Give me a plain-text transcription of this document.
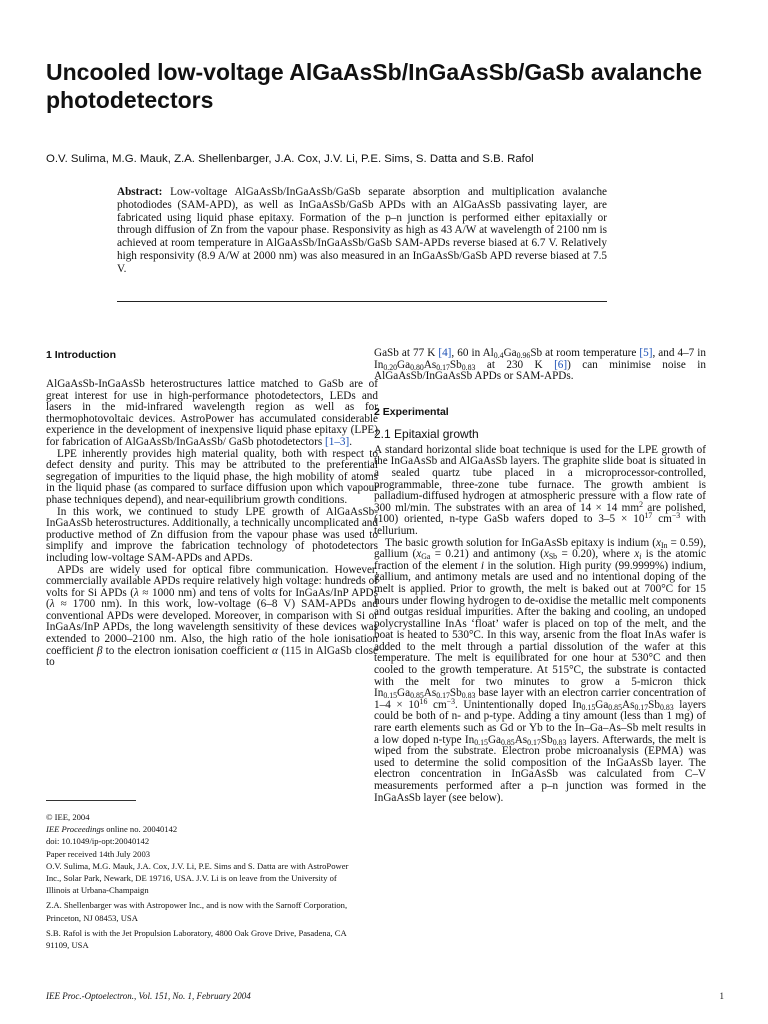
Uncooled low-voltage AlGaAsSb/InGaAsSb/GaSb avalanche photodetectors

O.V. Sulima, M.G. Mauk, Z.A. Shellenbarger, J.A. Cox, J.V. Li, P.E. Sims, S. Datta and S.B. Rafol

Abstract: Low-voltage AlGaAsSb/InGaAsSb/GaSb separate absorption and multiplication avalanche photodiodes (SAM-APD), as well as InGaAsSb/GaSb APDs with an AlGaAsSb passivating layer, are fabricated using liquid phase epitaxy. Formation of the p–n junction is performed either epitaxially or through diffusion of Zn from the vapour phase. Responsivity as high as 43 A/W at wavelength of 2100 nm is achieved at room temperature in AlGaAsSb/InGaAsSb/GaSb SAM-APDs reverse biased at 6.7 V. Relatively high responsivity (8.9 A/W at 2000 nm) was also measured in an InGaAsSb/GaSb APD reverse biased at 7.5 V.

1 Introduction

AlGaAsSb-InGaAsSb heterostructures lattice matched to GaSb are of great interest for use in high-performance photodetectors, LEDs and lasers in the mid-infrared wavelength region as well as for thermophotovoltaic devices. AstroPower has accumulated considerable experience in the development of inexpensive liquid phase epitaxy (LPE) for fabrication of AlGaAsSb/InGaAsSb/ GaSb photodetectors [1–3].

LPE inherently provides high material quality, both with respect to defect density and purity. This may be attributed to the preferential segregation of impurities to the liquid phase, the high mobility of atoms in the liquid phase (as compared to surface diffusion upon which vapour phase techniques depend), and near-equilibrium growth conditions.

In this work, we continued to study LPE growth of AlGaAsSb-InGaAsSb heterostructures. Additionally, a technically uncomplicated and productive method of Zn diffusion from the vapour phase was used to simplify and improve the fabrication technology of photodetectors including low-voltage SAM-APDs and APDs.

APDs are widely used for optical fibre communication. However, commercially available APDs require relatively high voltage: hundreds of volts for Si APDs (λ ≈ 1000 nm) and tens of volts for InGaAs/InP APDs (λ ≈ 1700 nm). In this work, low-voltage (6–8 V) SAM-APDs and conventional APDs were developed. Moreover, in comparison with Si or InGaAs/InP APDs, the long wavelength sensitivity of these devices was extended to 2000–2100 nm. Also, the high ratio of the hole ionisation coefficient β to the electron ionisation coefficient α (115 in AlGaSb close to

© IEE, 2004
IEE Proceedings online no. 20040142
doi: 10.1049/ip-opt:20040142
Paper received 14th July 2003
O.V. Sulima, M.G. Mauk, J.A. Cox, J.V. Li, P.E. Sims and S. Datta are with AstroPower Inc., Solar Park, Newark, DE 19716, USA. J.V. Li is on leave from the University of Illinois at Urbana-Champaign
Z.A. Shellenbarger was with Astropower Inc., and is now with the Sarnoff Corporation, Princeton, NJ 08453, USA
S.B. Rafol is with the Jet Propulsion Laboratory, 4800 Oak Grove Drive, Pasadena, CA 91109, USA

GaSb at 77 K [4], 60 in $Al_{0.4}Ga_{0.96}Sb$ at room temperature [5], and 4–7 in $In_{0.20}Ga_{0.80}As_{0.17}Sb_{0.83}$ at 230 K [6]) can minimise noise in AlGaAsSb/InGaAsSb APDs or SAM-APDs.

2 Experimental

2.1 Epitaxial growth

A standard horizontal slide boat technique is used for the LPE growth of the InGaAsSb and AlGaAsSb layers. The graphite slide boat is situated in a sealed quartz tube placed in a microprocessor-controlled, programmable, three-zone tube furnace. The growth ambient is palladium-diffused hydrogen at atmospheric pressure with a flow rate of 300 ml/min. The substrates with an area of 14 × 14 $mm^2$ are polished, (100) oriented, n-type GaSb wafers doped to $3-5 \times 10^{17}$ $cm^{-3}$ with tellurium.

The basic growth solution for InGaAsSb epitaxy is indium $(x_{In} = 0.59)$, gallium $(x_{Ga} = 0.21)$ and antimony $(x_{Sb} = 0.20)$, where $x_i$ is the atomic fraction of the element i in the solution. High purity (99.9999%) indium, gallium, and antimony metals are used and no intentional doping of the melt is applied. Prior to growth, the melt is baked out at 700°C for 15 hours under flowing hydrogen to de-oxidise the metallic melt components and outgas residual impurities. After the baking and cooling, an undoped polycrystalline InAs ‘float’ wafer is placed on top of the melt, and the boat is heated to 530°C. In this way, arsenic from the float InAs wafer is added to the melt through a partial dissolution of the wafer at this temperature. The melt is equilibrated for one hour at 530°C and then cooled to the growth temperature. At 515°C, the substrate is contacted with the melt for two minutes to grow a 5-micron thick $In_{0.15}Ga_{0.85}As_{0.17}Sb_{0.83}$ base layer with an electron carrier concentration of $1-4 \times 10^{16}$ $cm^{-3}$. Unintentionally doped $In_{0.15}Ga_{0.85}As_{0.17}Sb_{0.83}$ layers could be both of n- and p-type. Adding a tiny amount (less than 1 mg) of rare earth elements such as Gd or Yb to the In–Ga–As–Sb melt results in a low doped n-type $In_{0.15}Ga_{0.85}As_{0.17}Sb_{0.83}$ layers. Afterwards, the melt is wiped from the substrate. Electron probe microanalysis (EPMA) was used to determine the solid composition of the InGaAsSb layer. The electron concentration in InGaAsSb was calculated from C–V measurements performed after a p–n junction was formed in the InGaAsSb layer (see below).

IEE Proc.-Optoelectron., Vol. 151, No. 1, February 2004	1
